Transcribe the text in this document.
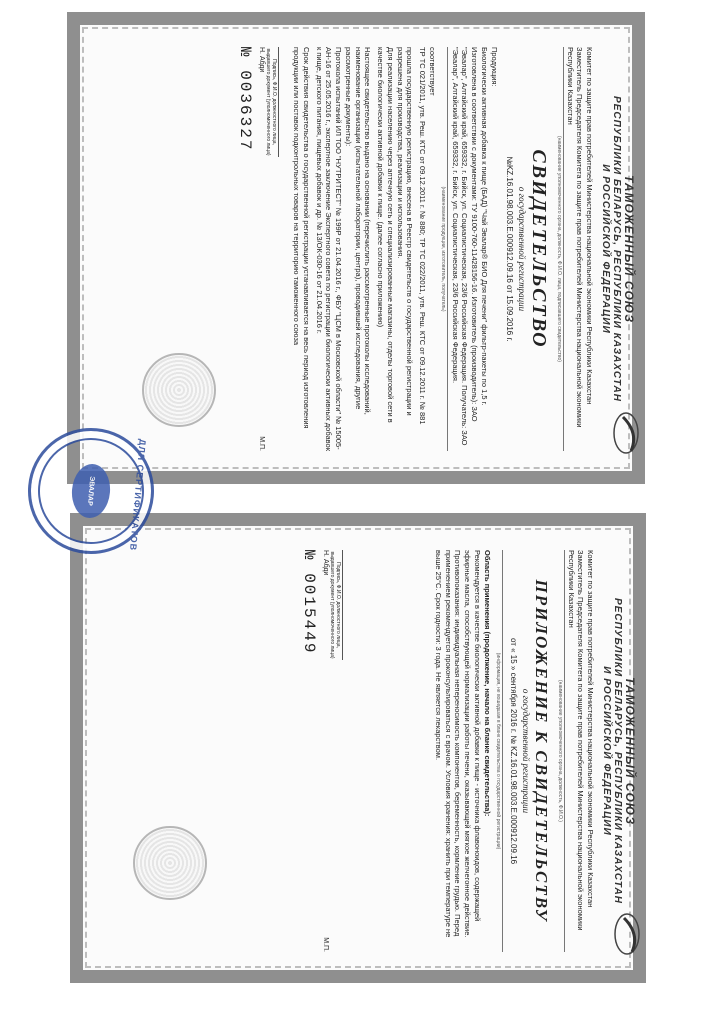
ТАМОЖЕННЫЙ СОЮЗ
РЕСПУБЛИКИ БЕЛАРУСЬ, РЕСПУБЛИКИ КАЗАХСТАН
И РОССИЙСКОЙ ФЕДЕРАЦИИ
Комитет по защите прав потребителей Министерства национальной экономики Республики Казахстан
Заместитель Председателя Комитета по защите прав потребителей Министерства национальной экономики Республики Казахстан
(наименование уполномоченного органа, должность, Ф.И.О. лица, подписавшего свидетельство)
СВИДЕТЕЛЬСТВО
о государственной регистрации
№KZ.16.01.98.003.Е.000912.09.16 от 15.09.2016 г.
Продукция:
Биологически активная добавка к пище (БАД) "Чай Эвалар® БИО Для печени" фильтр-пакеты по 1,5 г. Изготовлена в соответствии с документами: ТУ 9100-760-11428156-16. Изготовитель (производитель): ЗАО "Эвалар", Алтайский край, 659332, г. Бийск, ул. Социалистическая, 23/6 Российская Федерация. Получатель: ЗАО "Эвалар", Алтайский край, 659332, г. Бийск, ул. Социалистическая, 23/6 Российская Федерация.
(наименование продукции, изготовитель, получатель)
соответствует
ТР ТС 021/2011, утв. Реш. КТС от 09.12.2011 г. № 880; ТР ТС 022/2011, утв. Реш. КТС от 09.12.2011 г. № 881
прошла государственную регистрацию, внесена в Реестр свидетельств о государственной регистрации и разрешена для производства, реализации и использования.
Для реализации населению через аптечную сеть и специализированные магазины, отделы торговой сети в качестве биологически активной добавки к пище. (далее согласно приложению)
Настоящее свидетельство выдано на основании (перечислить рассмотренные протоколы исследований, наименование организации (испытательной лаборатории, центра), проводившей исследования, другие рассмотренные документы):
Протокола испытаний ИЛ ТОО "НУТРИТЕСТ" № 199Р от 21.04.2016 г., ФБУ "ЦСМ в Московской области" № 15005-АН-16 от 25.05.2016 г., экспертное заключение Экспертного совета по регистрации биологически активных добавок к пище, детского питания, пищевых добавок и др. № 13/ОК-030-16 от 21.04.2016 г.
Срок действия свидетельства о государственной регистрации устанавливается на весь период изготовления продукции или поставок подконтрольных товаров на территорию таможенного союза
Подпись, Ф.И.О. должностного лица, выдавшего документ (уполномоченного лица)
Н. Абди
М.П.
№ 0036327
ТАМОЖЕННЫЙ СОЮЗ
РЕСПУБЛИКИ БЕЛАРУСЬ, РЕСПУБЛИКИ КАЗАХСТАН
И РОССИЙСКОЙ ФЕДЕРАЦИИ
Комитет по защите прав потребителей Министерства национальной экономики Республики Казахстан
Заместитель Председателя Комитета по защите прав потребителей Министерства национальной экономики Республики Казахстан
(наименование уполномоченного органа, должность, Ф.И.О.)
ПРИЛОЖЕНИЕ К СВИДЕТЕЛЬСТВУ
о государственной регистрации
от « 15 » сентября 2016 г. № KZ.16.01.98.003.Е.000912.09.16
(информация, не вошедшая в бланк свидетельства о государственной регистрации)
Область применения (продолжение, начало на бланке свидетельства):
Рекомендуется в качестве биологически активной добавки к пище - источника флавоноидов, содержащей эфирные масла, способствующей нормализации работы печени, оказывающей мягкое желчегонное действие. Противопоказания: индивидуальная непереносимость компонентов, беременность, кормление грудью. Перед применением рекомендуется проконсультироваться с врачом. Условия хранения: хранить при температуре не выше 25°С. Срок годности: 3 года. Не является лекарством.
Подпись, Ф.И.О. должностного лица, выдавшего документ (уполномоченного лица)
Н. Абди
М.П.
№ 0015449
ДЛЯ СЕРТИФИКАТОВ
ЭВАЛАР
